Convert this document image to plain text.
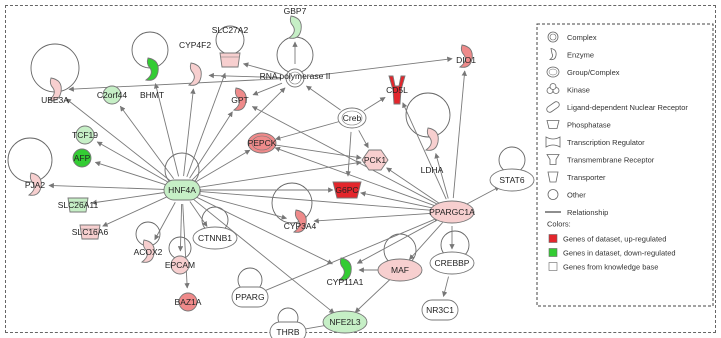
GBP7
SLC27A2
BHMT
CYP4F2
RNA polymerase II
DIO1
UBE3A	C2orf44	GPT
Creb
CD5L
TCF19
AFP
LDHA
PEPCK
PCK1
PJA2	HNF4A
STAT6
SLC26A11
G6PC
PPARGC1A
SLC16A6
CYP3A4
ACOX2
EPCAM
CTNNB1
BAZ1A
CYP11A1
MAF
CREBBP
PPARG
NR3C1
NFE2L3
THRB
Complex
Enzyme
Group/Complex
Kinase
Ligand-dependent Nuclear Receptor
Phosphatase
Transcription Regulator
Transmembrane Receptor
Transporter
Other
Relationship
Colors:
Genes of dataset, up-regulated
Genes in dataset, down-regulated
Genes from knowledge base
